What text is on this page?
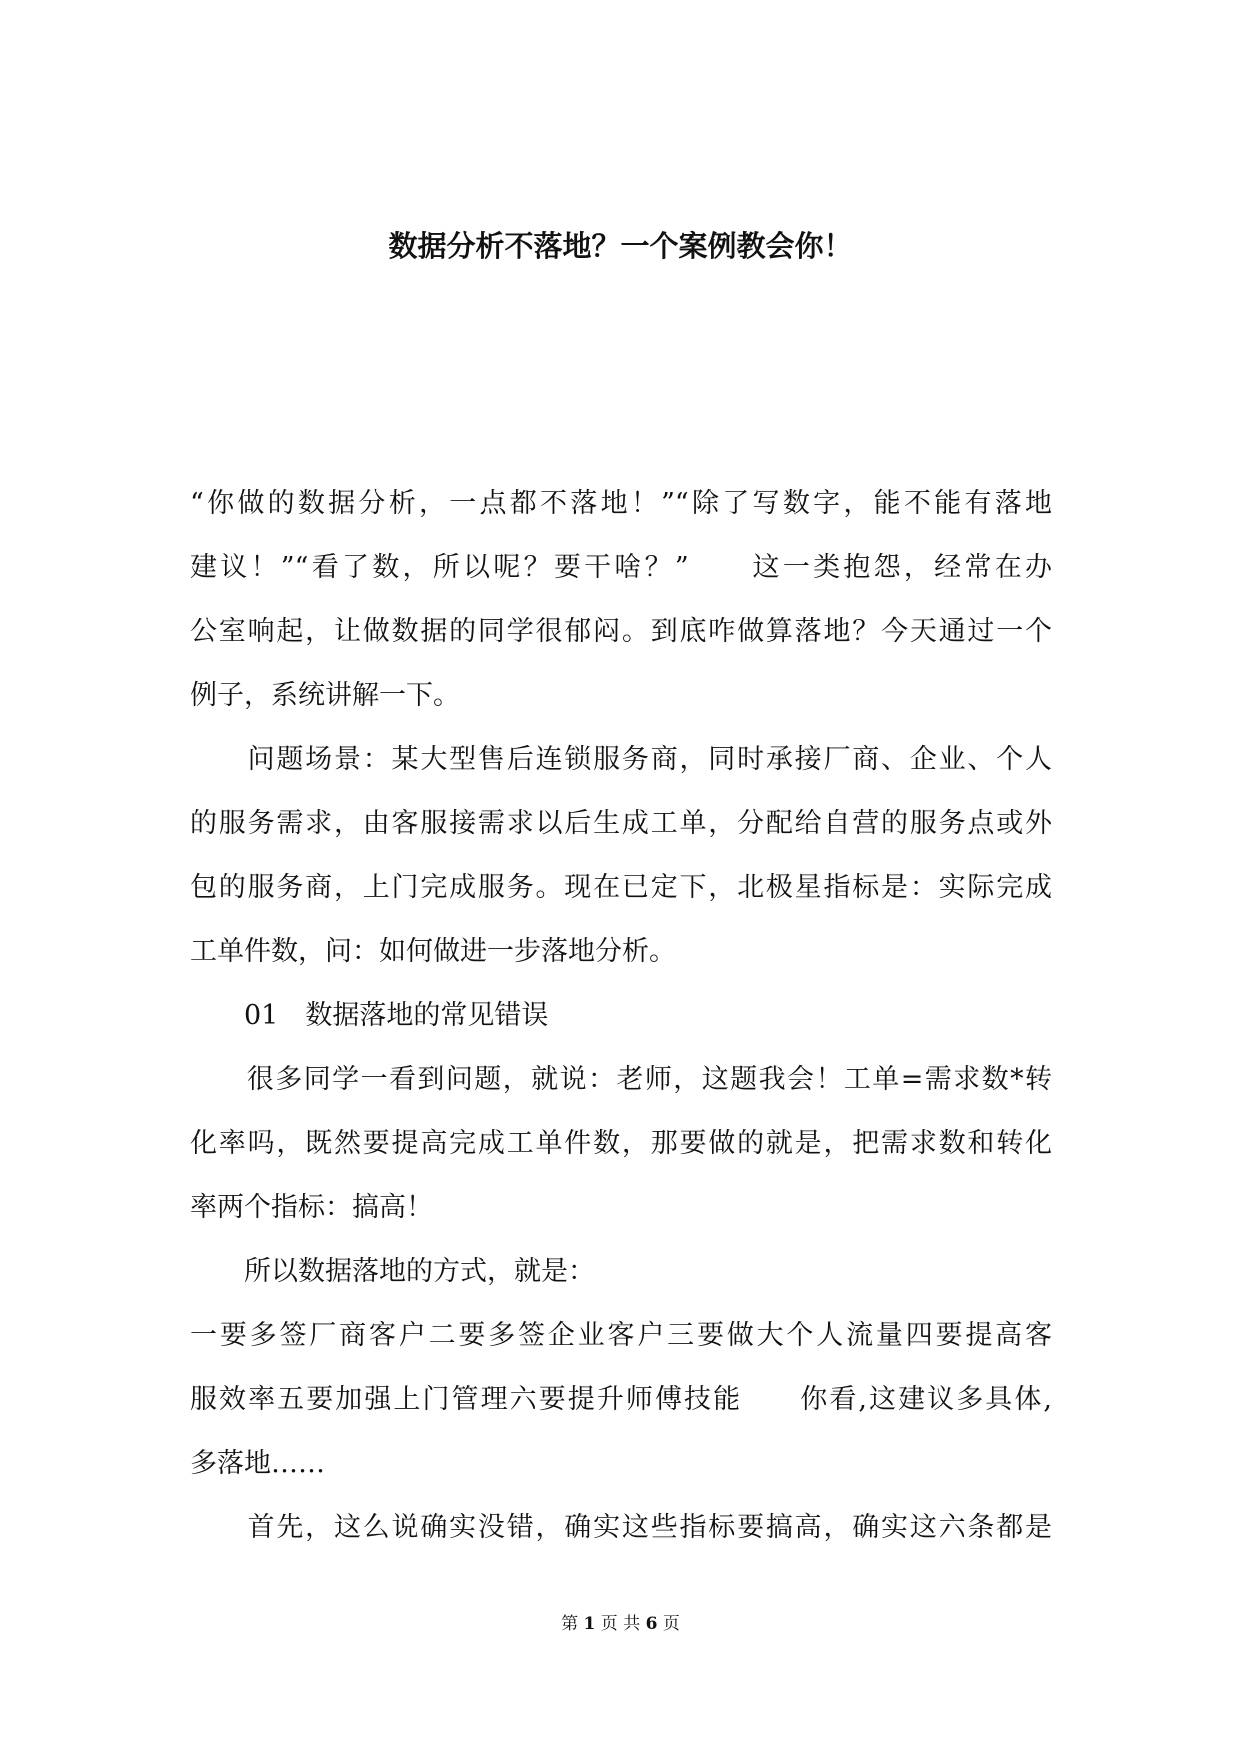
数据分析不落地？一个案例教会你！
“你做的数据分析，一点都不落地！”“除了写数字，能不能有落地
建议！”“看了数，所以呢？要干啥？”　　这一类抱怨，经常在办
公室响起，让做数据的同学很郁闷。到底咋做算落地？今天通过一个
例子，系统讲解一下。
　　问题场景：某大型售后连锁服务商，同时承接厂商、企业、个人
的服务需求，由客服接需求以后生成工单，分配给自营的服务点或外
包的服务商，上门完成服务。现在已定下，北极星指标是：实际完成
工单件数，问：如何做进一步落地分析。
　　01　数据落地的常见错误
　　很多同学一看到问题，就说：老师，这题我会！工单=需求数*转
化率吗，既然要提高完成工单件数，那要做的就是，把需求数和转化
率两个指标：搞高！
　　所以数据落地的方式，就是：
一要多签厂商客户二要多签企业客户三要做大个人流量四要提高客
服效率五要加强上门管理六要提升师傅技能　　你看,这建议多具体,
多落地……
　　首先，这么说确实没错，确实这些指标要搞高，确实这六条都是
第 1 页 共 6 页
